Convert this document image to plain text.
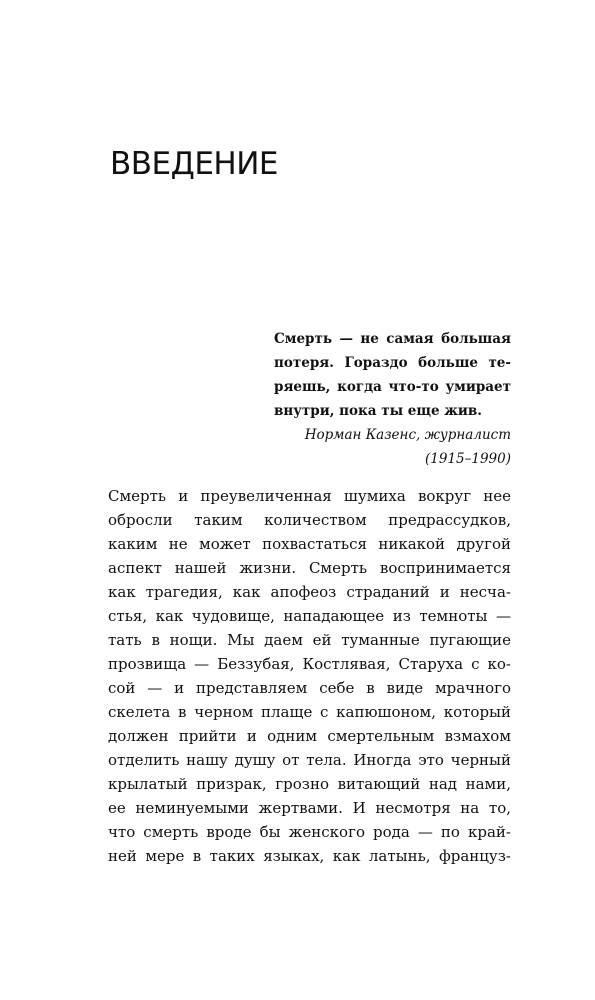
ВВЕДЕНИЕ
Смерть — не самая большая
потеря. Гораздо больше те-
ряешь, когда что-то умирает
внутри, пока ты еще жив.
Норман Казенс, журналист
(1915–1990)
Смерть и преувеличенная шумиха вокруг нее
обросли таким количеством предрассудков,
каким не может похвастаться никакой другой
аспект нашей жизни. Смерть воспринимается
как трагедия, как апофеоз страданий и несча-
стья, как чудовище, нападающее из темноты —
тать в нощи. Мы даем ей туманные пугающие
прозвища — Беззубая, Костлявая, Старуха с ко-
сой — и представляем себе в виде мрачного
скелета в черном плаще с капюшоном, который
должен прийти и одним смертельным взмахом
отделить нашу душу от тела. Иногда это черный
крылатый призрак, грозно витающий над нами,
ее неминуемыми жертвами. И несмотря на то,
что смерть вроде бы женского рода — по край-
ней мере в таких языках, как латынь, француз-
